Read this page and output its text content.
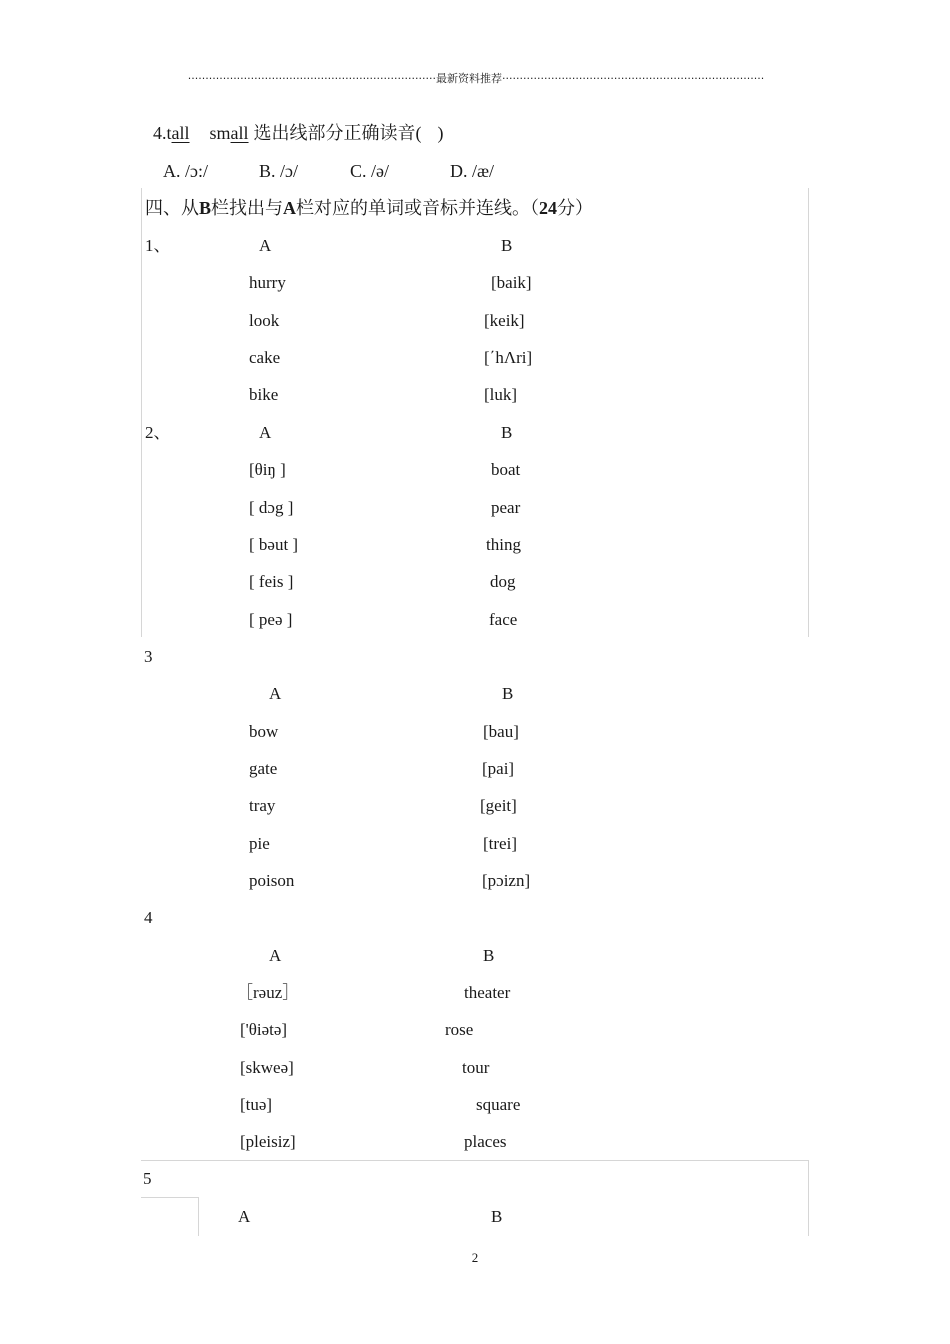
·······································································最新资料推荐···········································································
4.tall small 选出线部分正确读音( )
A. /ɔ:/	B. /ɔ/	C. /ə/	D. /æ/
四、从B栏找出与A栏对应的单词或音标并连线。（24分）
1、	A	B
hurry	[baik]
look	[keik]
cake	[΄hΛri]
bike	[luk]
2、	A	B
[θiŋ ]	boat
[ dɔg ]	pear
[ bəut ]	thing
[ feis ]	dog
[ peə ]	face
3
A	B
bow	[bau]
gate	[pai]
tray	[geit]
pie	[trei]
poison	[pɔizn]
4
A	B
［rəuz］	theater
['θiətə]	rose
[skweə]	tour
[tuə]	square
[pleisiz]	places
5
A	B
2
